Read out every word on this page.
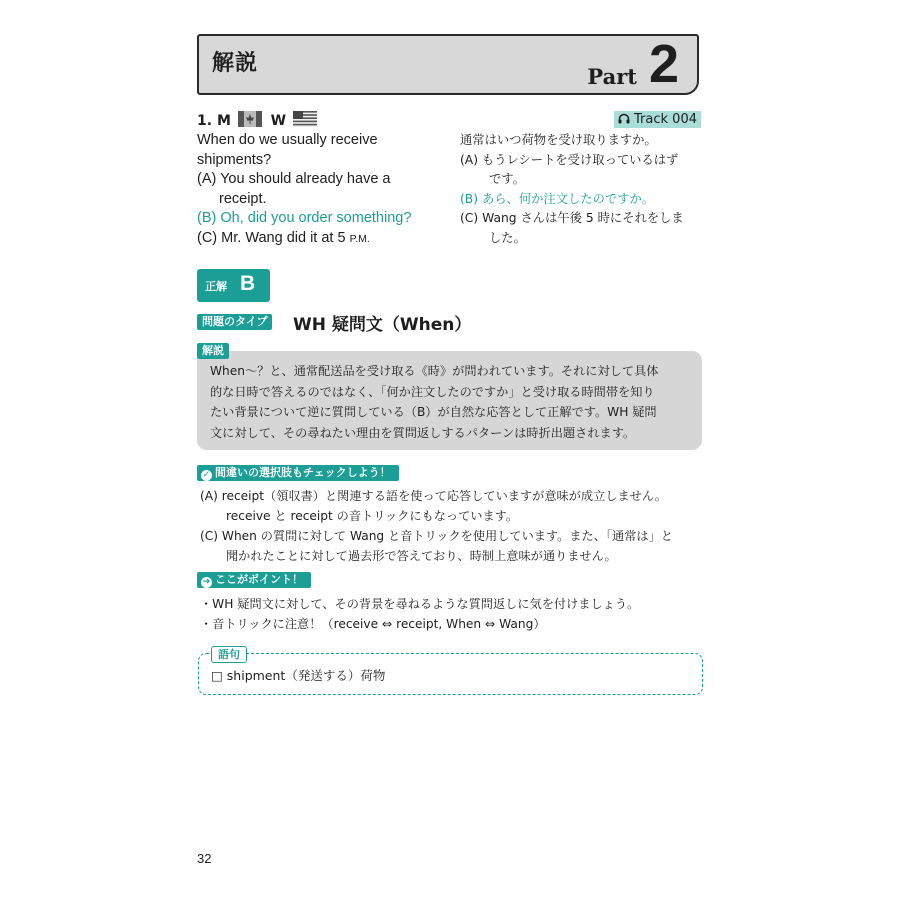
解説
Part 2
1. M	W	Track 004
When do we usually receive
shipments?
(A) You should already have a
receipt.
(B) Oh, did you order something?
(C) Mr. Wang did it at 5 P.M.
通常はいつ荷物を受け取りますか。
(A) もうレシートを受け取っているはず
です。
(B) あら、何か注文したのですか。
(C) Wang さんは午後 5 時にそれをしま
した。
正解 B
問題のタイプ WH 疑問文（When）
When～？と、通常配送品を受け取る《時》が問われています。それに対して具体
的な日時で答えるのではなく、「何か注文したのですか」と受け取る時間帯を知り
たい背景について逆に質問している（B）が自然な応答として正解です。WH 疑問
文に対して、その尋ねたい理由を質問返しするパターンは時折出題されます。
解説
✓ 間違いの選択肢もチェックしよう！
(A) receipt（領収書）と関連する語を使って応答していますが意味が成立しません。
receive と receipt の音トリックにもなっています。
(C) When の質問に対して Wang と音トリックを使用しています。また、「通常は」と
聞かれたことに対して過去形で答えており、時制上意味が通りません。
➜ ここがポイント！
・WH 疑問文に対して、その背景を尋ねるような質問返しに気を付けましょう。
・音トリックに注意！（receive ⇔ receipt, When ⇔ Wang）
語句
□ shipment（発送する）荷物
32
